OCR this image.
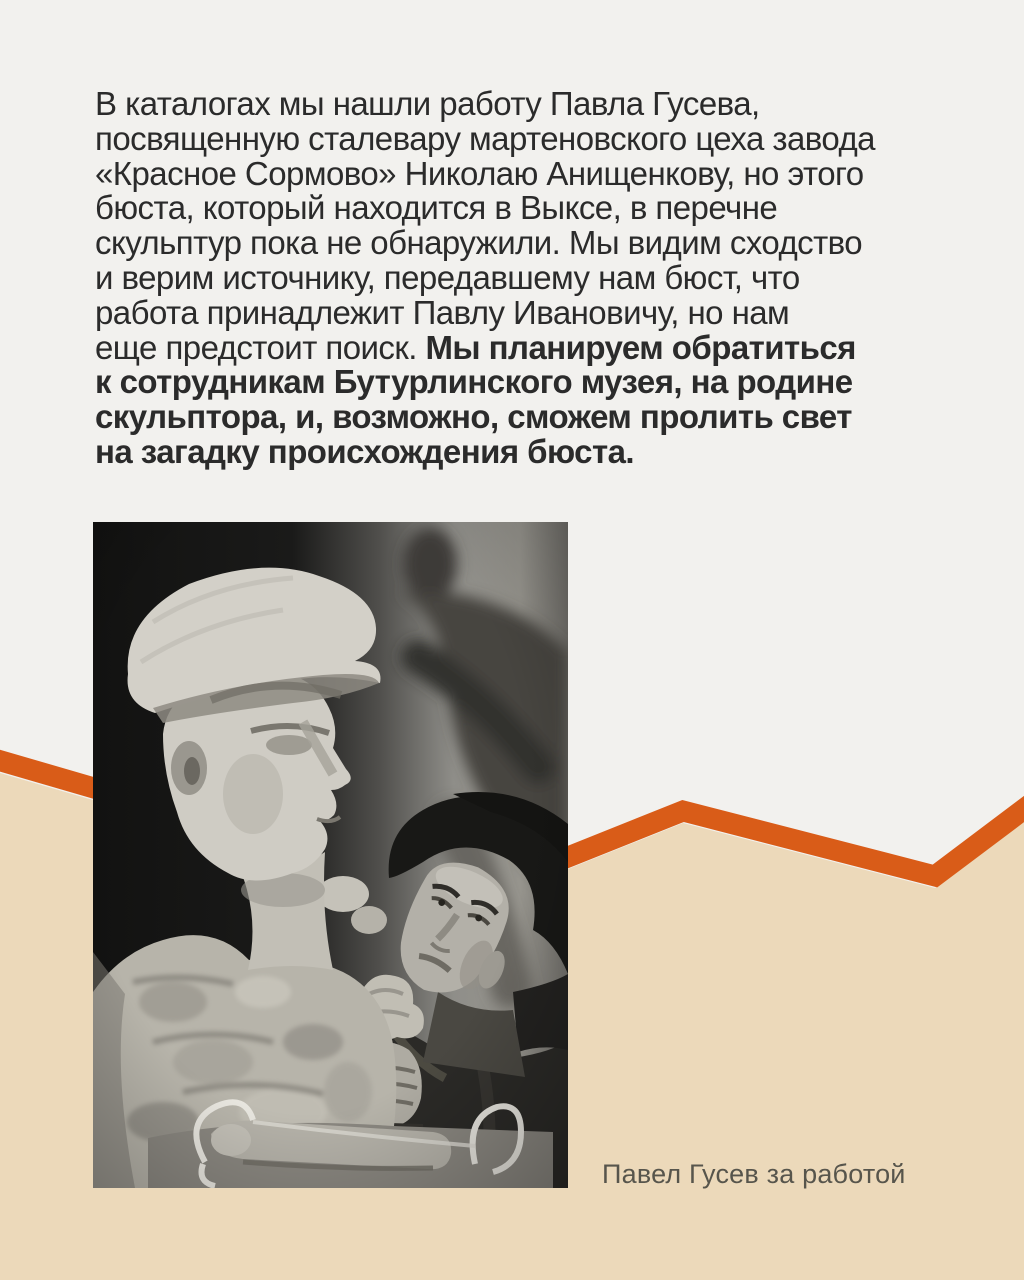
В каталогах мы нашли работу Павла Гусева,
посвященную сталевару мартеновского цеха завода
«Красное Сормово» Николаю Анищенкову, но этого
бюста, который находится в Выксе, в перечне
скульптур пока не обнаружили. Мы видим сходство
и верим источнику, передавшему нам бюст, что
работа принадлежит Павлу Ивановичу, но нам
еще предстоит поиск. Мы планируем обратиться
к сотрудникам Бутурлинского музея, на родине
скульптора, и, возможно, сможем пролить свет
на загадку происхождения бюста.
Павел Гусев за работой
